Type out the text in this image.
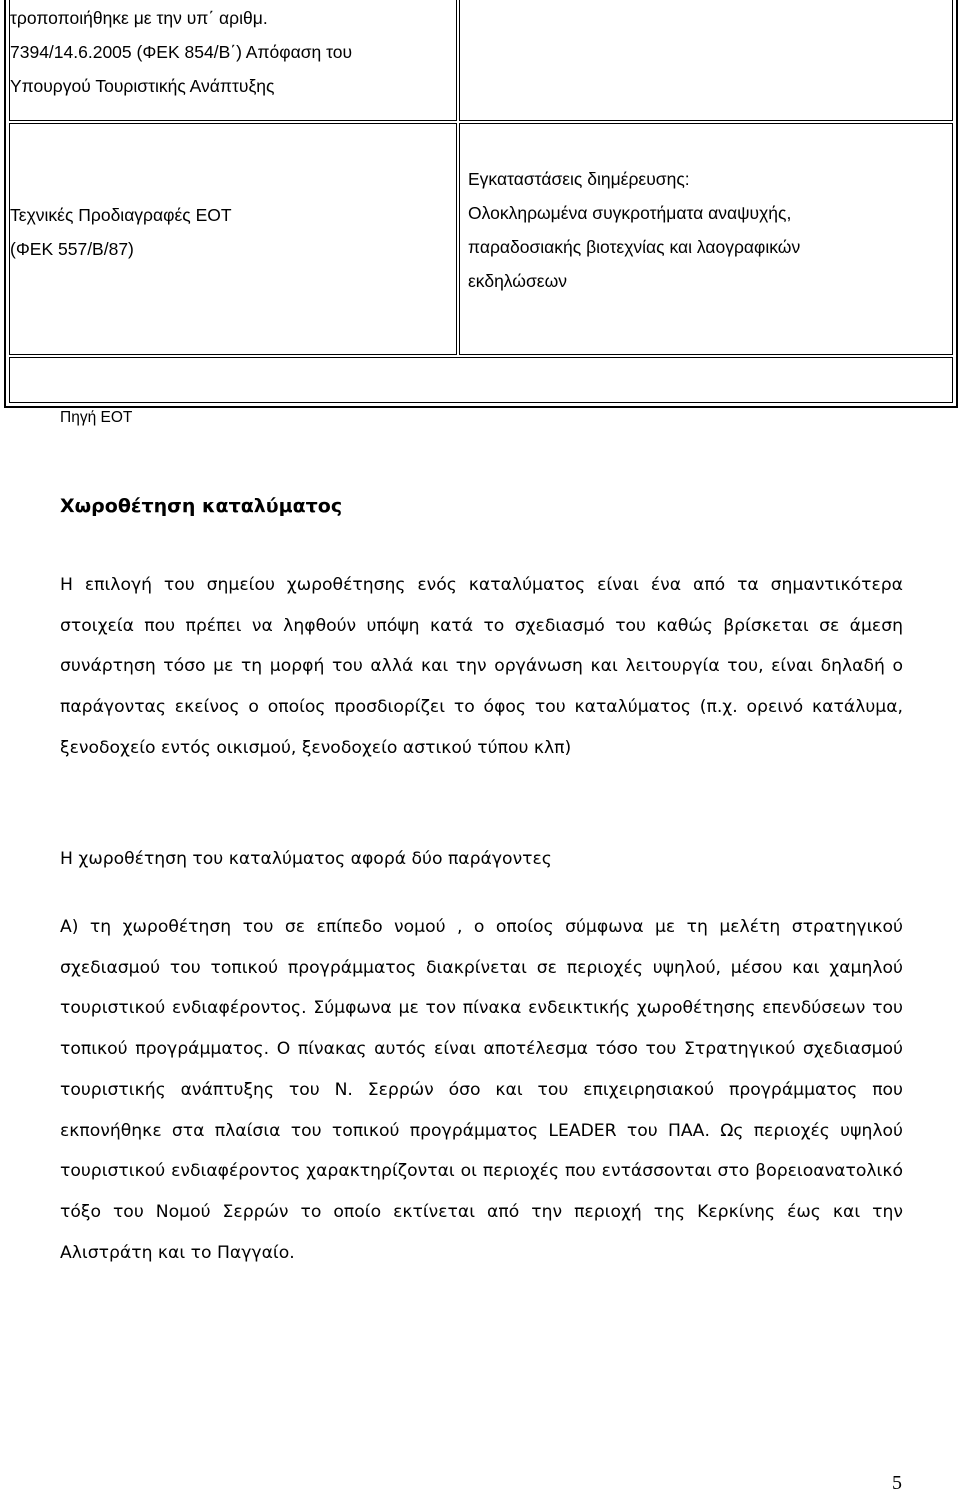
τροποποιήθηκε με την υπ΄ αριθμ.
7394/14.6.2005 (ΦΕΚ 854/Β΄) Απόφαση του
Υπουργού Τουριστικής Ανάπτυξης
Τεχνικές Προδιαγραφές ΕΟΤ
(ΦΕΚ 557/Β/87)
Εγκαταστάσεις διημέρευσης:
Ολοκληρωμένα συγκροτήματα αναψυχής,
παραδοσιακής βιοτεχνίας και λαογραφικών
εκδηλώσεων
Πηγή ΕΟΤ
Χωροθέτηση καταλύματος

Η επιλογή του σημείου χωροθέτησης ενός καταλύματος είναι ένα από τα σημαντικότερα στοιχεία που πρέπει να ληφθούν υπόψη κατά το σχεδιασμό του καθώς βρίσκεται σε άμεση συνάρτηση τόσο με τη μορφή του αλλά και την οργάνωση και λειτουργία του, είναι δηλαδή ο παράγοντας εκείνος ο οποίος προσδιορίζει το όφος του καταλύματος (π.χ. ορεινό κατάλυμα, ξενοδοχείο εντός οικισμού, ξενοδοχείο αστικού τύπου κλπ)

Η χωροθέτηση του καταλύματος αφορά δύο παράγοντες

Α) τη χωροθέτηση του σε επίπεδο νομού , ο οποίος σύμφωνα με τη μελέτη στρατηγικού σχεδιασμού του τοπικού προγράμματος διακρίνεται σε περιοχές υψηλού, μέσου και χαμηλού τουριστικού ενδιαφέροντος. Σύμφωνα με τον πίνακα ενδεικτικής χωροθέτησης επενδύσεων του τοπικού προγράμματος. Ο πίνακας αυτός είναι αποτέλεσμα τόσο του Στρατηγικού σχεδιασμού τουριστικής ανάπτυξης του Ν. Σερρών όσο και του επιχειρησιακού προγράμματος που εκπονήθηκε στα πλαίσια του τοπικού προγράμματος LEADER του ΠΑΑ. Ως περιοχές υψηλού τουριστικού ενδιαφέροντος χαρακτηρίζονται οι περιοχές που εντάσσονται στο βορειοανατολικό τόξο του Νομού Σερρών το οποίο εκτίνεται από την περιοχή της Κερκίνης έως και την Αλιστράτη και το Παγγαίο.

5
